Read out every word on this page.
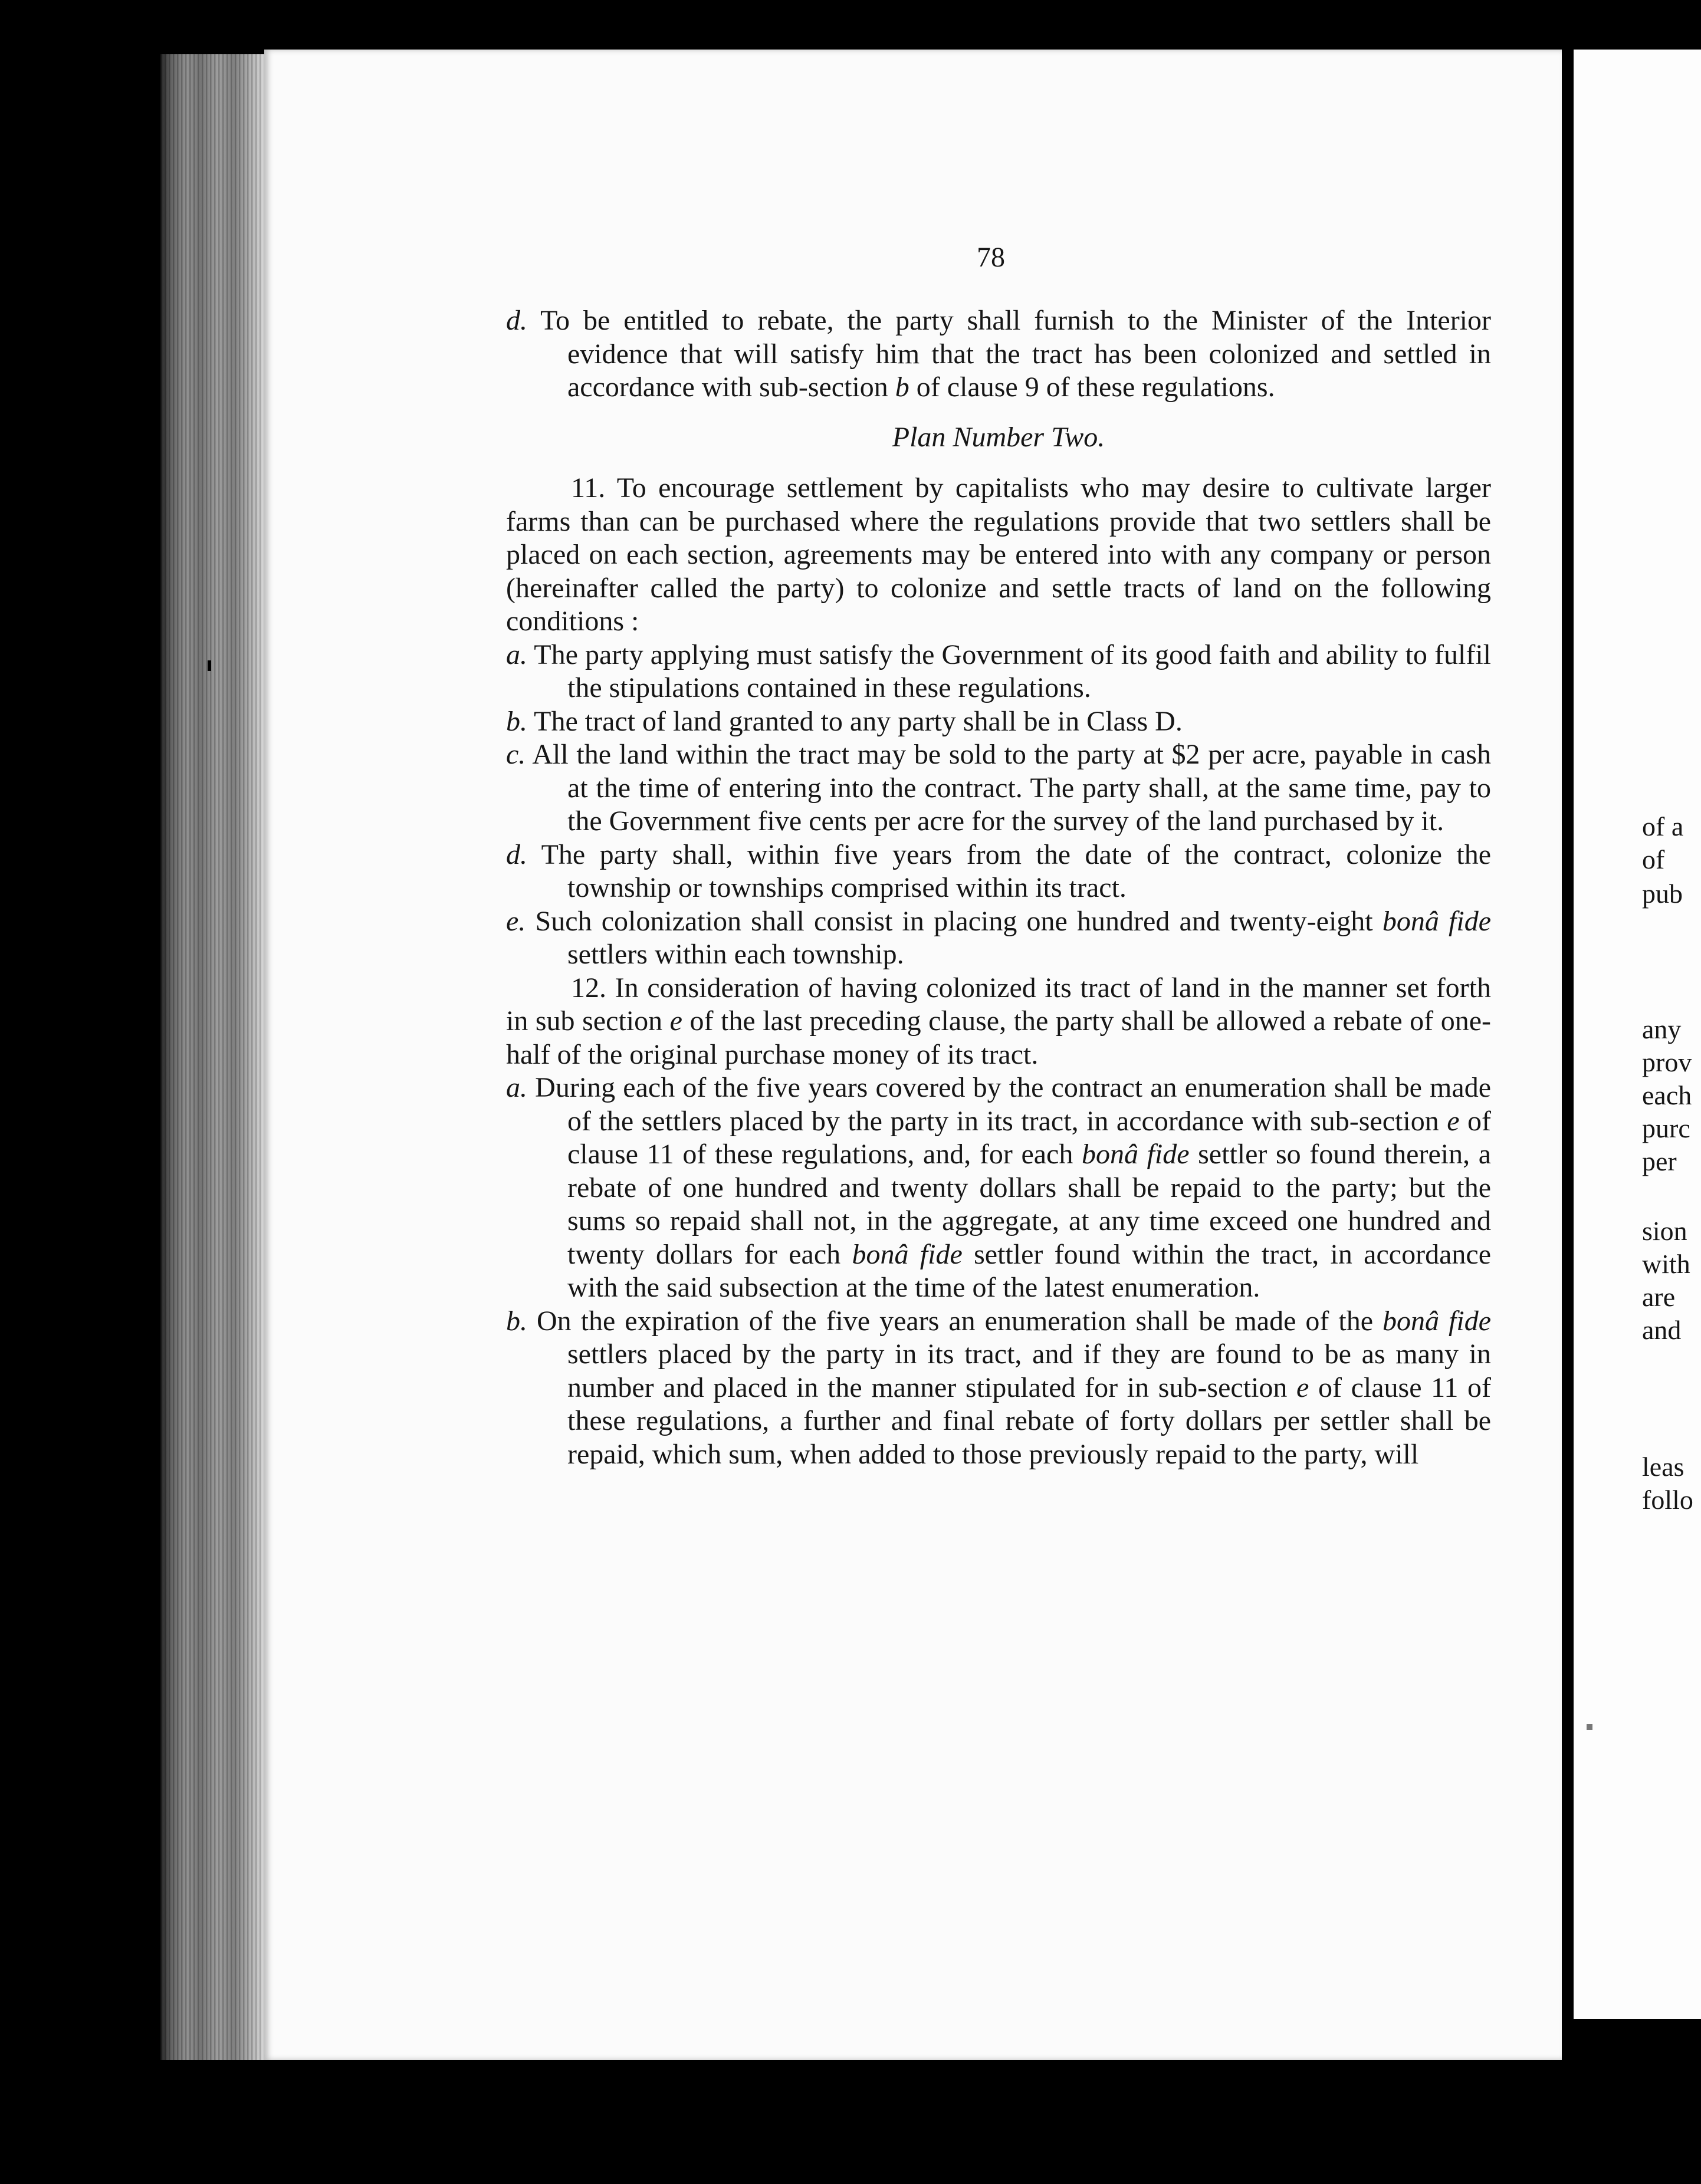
of a
of
pub
any
prov
each
purc
per
sion
with
are
and
leas
follo
78

d. To be entitled to rebate, the party shall furnish to the Minister of the Interior evidence that will satisfy him that the tract has been colonized and settled in accordance with sub-section b of clause 9 of these regulations.

Plan Number Two.

11. To encourage settlement by capitalists who may desire to cultivate larger farms than can be purchased where the regulations provide that two settlers shall be placed on each section, agreements may be entered into with any company or person (hereinafter called the party) to colonize and settle tracts of land on the following conditions :

a. The party applying must satisfy the Government of its good faith and ability to fulfil the stipulations contained in these regulations.

b. The tract of land granted to any party shall be in Class D.

c. All the land within the tract may be sold to the party at $2 per acre, payable in cash at the time of entering into the contract. The party shall, at the same time, pay to the Government five cents per acre for the survey of the land purchased by it.

d. The party shall, within five years from the date of the contract, colonize the township or townships comprised within its tract.

e. Such colonization shall consist in placing one hundred and twenty-eight bonâ fide settlers within each township.

12. In consideration of having colonized its tract of land in the manner set forth in sub section e of the last preceding clause, the party shall be allowed a rebate of one-half of the original purchase money of its tract.

a. During each of the five years covered by the contract an enumeration shall be made of the settlers placed by the party in its tract, in accordance with sub-section e of clause 11 of these regulations, and, for each bonâ fide settler so found therein, a rebate of one hundred and twenty dollars shall be repaid to the party; but the sums so repaid shall not, in the aggregate, at any time exceed one hundred and twenty dollars for each bonâ fide settler found within the tract, in accordance with the said subsection at the time of the latest enumeration.

b. On the expiration of the five years an enumeration shall be made of the bonâ fide settlers placed by the party in its tract, and if they are found to be as many in number and placed in the manner stipulated for in sub-section e of clause 11 of these regulations, a further and final rebate of forty dollars per settler shall be repaid, which sum, when added to those previously repaid to the party, will
